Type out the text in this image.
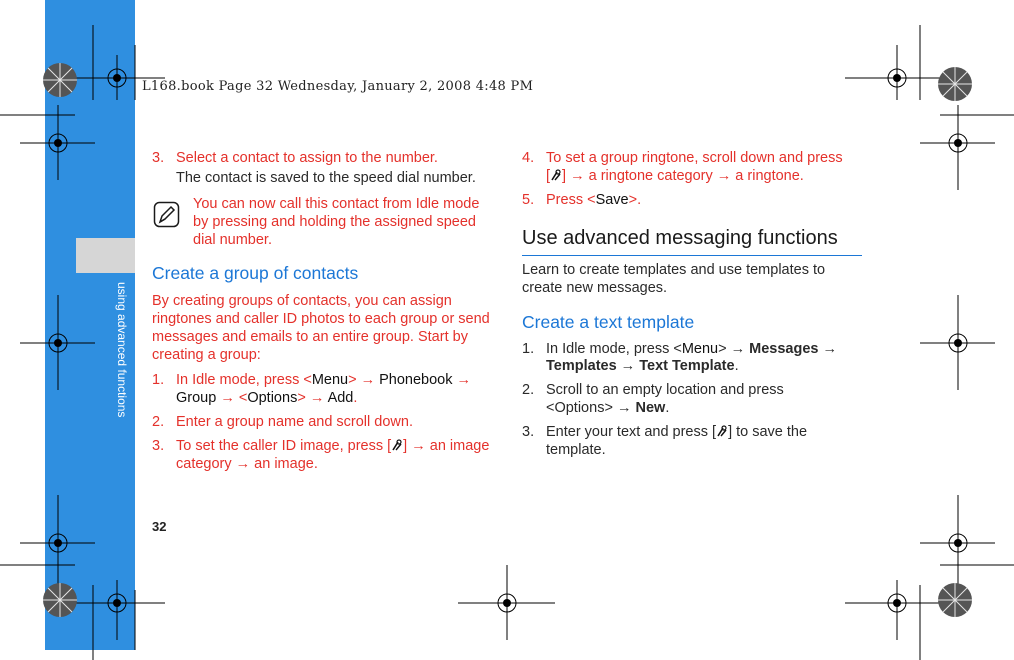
using advanced functions
L168.book Page 32 Wednesday, January 2, 2008 4:48 PM
3. Select a contact to assign to the number.
The contact is saved to the speed dial number.
You can now call this contact from Idle mode
by pressing and holding the assigned speed
dial number.
Create a group of contacts
By creating groups of contacts, you can assign
ringtones and caller ID photos to each group or send
messages and emails to an entire group. Start by
creating a group:
1. In Idle mode, press <Menu> → Phonebook →
Group → <Options> → Add.
2. Enter a group name and scroll down.
3. To set the caller ID image, press [ ] → an image
category → an image.
4. To set a group ringtone, scroll down and press
[ ] → a ringtone category → a ringtone.
5. Press <Save>.
Use advanced messaging functions
Learn to create templates and use templates to
create new messages.
Create a text template
1. In Idle mode, press <Menu> → Messages →
Templates → Text Template.
2. Scroll to an empty location and press
<Options> → New.
3. Enter your text and press [ ] to save the
template.
32
